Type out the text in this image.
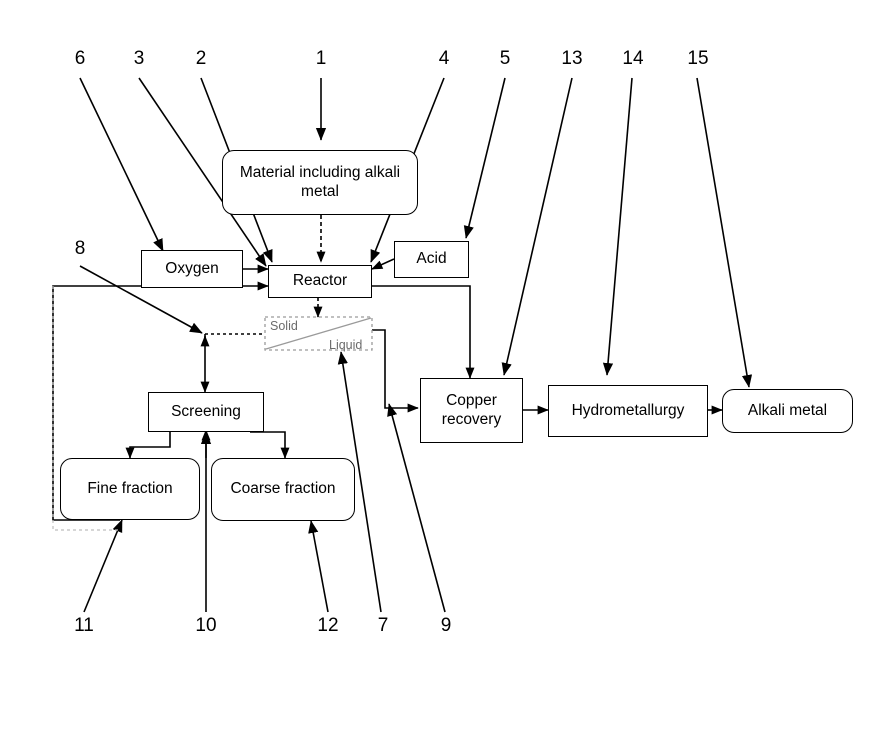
Solid
Liquid
Material including alkali metal
Oxygen
Acid
Reactor
Screening
Fine fraction	Coarse fraction
Copper recovery
Hydrometallurgy	Alkali metal
6	3	2	1	4	5	13 14 15
8
11	10	12	7	9
